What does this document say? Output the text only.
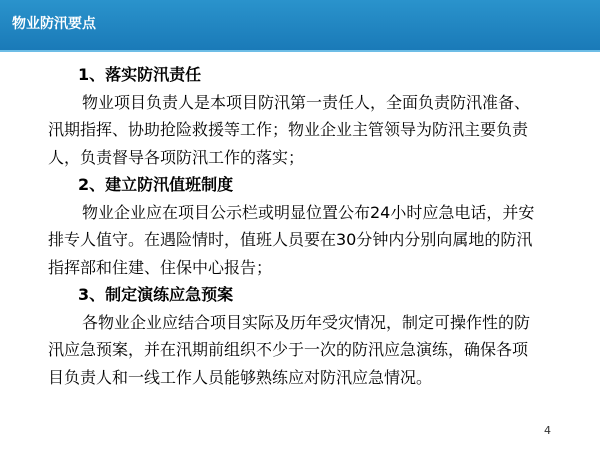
物业防汛要点

1、落实防汛责任

物业项目负责人是本项目防汛第一责任人，全面负责防汛准备、

汛期指挥、协助抢险救援等工作；物业企业主管领导为防汛主要负责

人，负责督导各项防汛工作的落实；

2、建立防汛值班制度

物业企业应在项目公示栏或明显位置公布24小时应急电话，并安

排专人值守。在遇险情时，值班人员要在30分钟内分别向属地的防汛

指挥部和住建、住保中心报告；

3、制定演练应急预案

各物业企业应结合项目实际及历年受灾情况，制定可操作性的防

汛应急预案，并在汛期前组织不少于一次的防汛应急演练，确保各项

目负责人和一线工作人员能够熟练应对防汛应急情况。

4
